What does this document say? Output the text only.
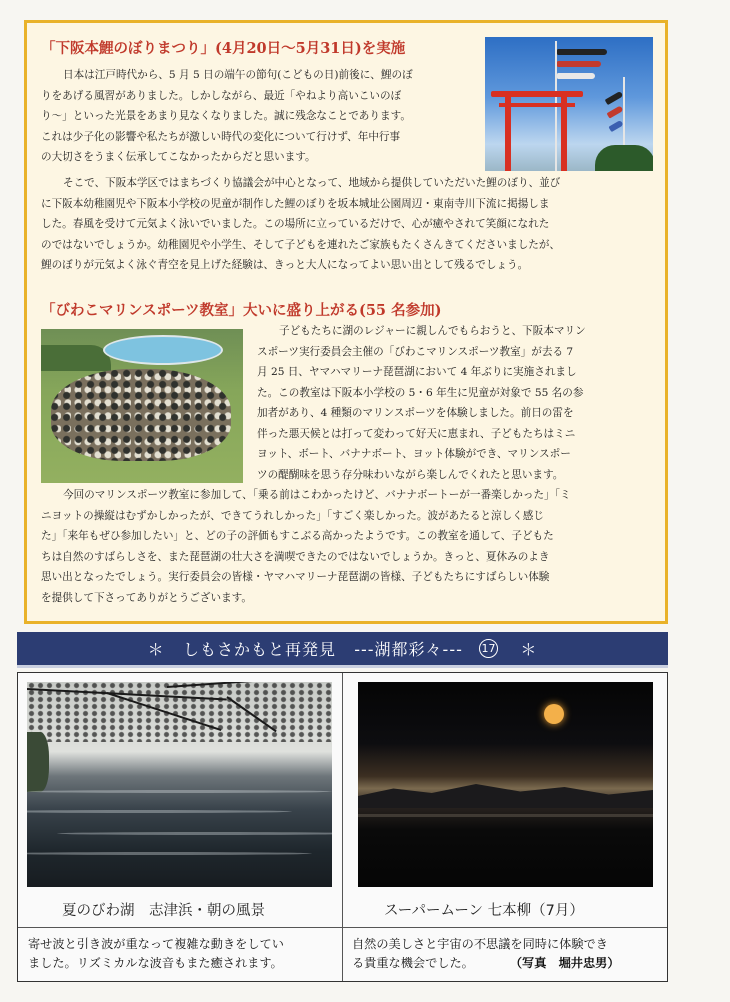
「下阪本鯉のぼりまつり」(4月20日～5月31日)を実施

日本は江戸時代から、5 月 5 日の端午の節句(こどもの日)前後に、鯉のぼ
りをあげる風習がありました。しかしながら、最近「やねより高いこいのぼ
り～」といった光景をあまり見なくなりました。誠に残念なことであります。
これは少子化の影響や私たちが激しい時代の変化について行けず、年中行事
の大切さをうまく伝承してこなかったからだと思います。

そこで、下阪本学区ではまちづくり協議会が中心となって、地域から提供していただいた鯉のぼり、並び
に下阪本幼稚園児や下阪本小学校の児童が制作した鯉のぼりを坂本城址公園周辺・東南寺川下流に掲揚しま
した。春風を受けて元気よく泳いでいました。この場所に立っているだけで、心が癒やされて笑顔になれた
のではないでしょうか。幼稚園児や小学生、そして子どもを連れたご家族もたくさんきてくださいましたが、
鯉のぼりが元気よく泳ぐ青空を見上げた経験は、きっと大人になってよい思い出として残るでしょう。

「びわこマリンスポーツ教室」大いに盛り上がる(55 名参加)

子どもたちに湖のレジャーに親しんでもらおうと、下阪本マリン
スポーツ実行委員会主催の「びわこマリンスポーツ教室」が去る 7
月 25 日、ヤマハマリーナ琵琶湖において 4 年ぶりに実施されまし
た。この教室は下阪本小学校の 5・6 年生に児童が対象で 55 名の参
加者があり、4 種類のマリンスポーツを体験しました。前日の雷を
伴った悪天候とは打って変わって好天に恵まれ、子どもたちはミニ
ヨット、ボート、バナナボート、ヨット体験ができ、マリンスポー
ツの醍醐味を思う存分味わいながら楽しんでくれたと思います。

今回のマリンスポーツ教室に参加して、「乗る前はこわかったけど、バナナボートーが一番楽しかった」「ミ
ニヨットの操縦はむずかしかったが、できてうれしかった」「すごく楽しかった。波があたると涼しく感じ
た」「来年もぜひ参加したい」と、どの子の評価もすこぶる高かったようです。この教室を通して、子どもた
ちは自然のすばらしさを、また琵琶湖の壮大さを満喫できたのではないでしょうか。きっと、夏休みのよき
思い出となったでしょう。実行委員会の皆様・ヤマハマリーナ琵琶湖の皆様、子どもたちにすばらしい体験
を提供して下さってありがとうございます。

＊
しもさかもと再発見
---湖都彩々---
17
＊
夏のびわ湖　志津浜・朝の風景	スーパームーン 七本柳（7月）

寄せ波と引き波が重なって複雑な動きをしてい
ました。リズミカルな波音もまた癒されます。

自然の美しさと宇宙の不思議を同時に体験でき
る貴重な機会でした。	（写真　堀井忠男）
